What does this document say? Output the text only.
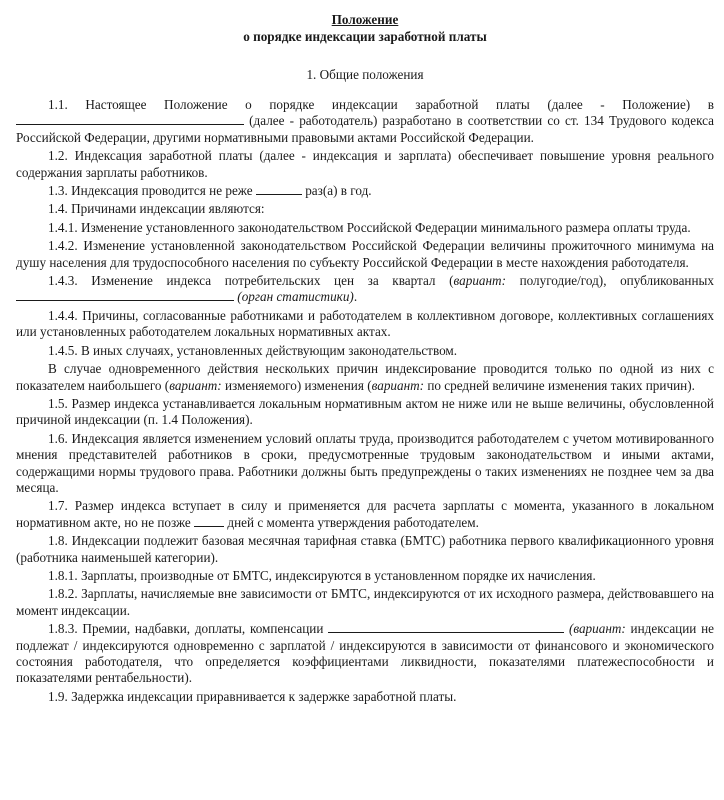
Положение
о порядке индексации заработной платы
1. Общие положения

1.1. Настоящее Положение о порядке индексации заработной платы (далее - Положение) в  (далее - работодатель) разработано в соответствии со ст. 134 Трудового кодекса Российской Федерации, другими нормативными правовыми актами Российской Федерации.

1.2. Индексация заработной платы (далее - индексация и зарплата) обеспечивает повышение уровня реального содержания зарплаты работников.

1.3. Индексация проводится не реже	раз(а) в год.

1.4. Причинами индексации являются:

1.4.1. Изменение установленного законодательством Российской Федерации минимального размера оплаты труда.

1.4.2. Изменение установленной законодательством Российской Федерации величины прожиточного минимума на душу населения для трудоспособного населения по субъекту Российской Федерации в месте нахождения работодателя.

1.4.3. Изменение индекса потребительских цен за квартал (вариант: полугодие/год), опубликованных  (орган статистики).

1.4.4. Причины, согласованные работниками и работодателем в коллективном договоре, коллективных соглашениях или установленных работодателем локальных нормативных актах.

1.4.5. В иных случаях, установленных действующим законодательством.

В случае одновременного действия нескольких причин индексирование проводится только по одной из них с показателем наибольшего (вариант: изменяемого) изменения (вариант: по средней величине изменения таких причин).

1.5. Размер индекса устанавливается локальным нормативным актом не ниже или не выше величины, обусловленной причиной индексации (п. 1.4 Положения).

1.6. Индексация является изменением условий оплаты труда, производится работодателем с учетом мотивированного мнения представителей работников в сроки, предусмотренные трудовым законодательством и иными актами, содержащими нормы трудового права. Работники должны быть предупреждены о таких изменениях не позднее чем за два месяца.

1.7. Размер индекса вступает в силу и применяется для расчета зарплаты с момента, указанного в локальном нормативном акте, но не позже	дней с момента утверждения работодателем.

1.8. Индексации подлежит базовая месячная тарифная ставка (БМТС) работника первого квалификационного уровня (работника наименьшей категории).

1.8.1. Зарплаты, производные от БМТС, индексируются в установленном порядке их начисления.

1.8.2. Зарплаты, начисляемые вне зависимости от БМТС, индексируются от их исходного размера, действовавшего на момент индексации.

1.8.3. Премии, надбавки, доплаты, компенсации	(вариант: индексации не подлежат / индексируются одновременно с зарплатой / индексируются в зависимости от финансового и экономического состояния работодателя, что определяется коэффициентами ликвидности, показателями платежеспособности и показателями рентабельности).

1.9. Задержка индексации приравнивается к задержке заработной платы.
